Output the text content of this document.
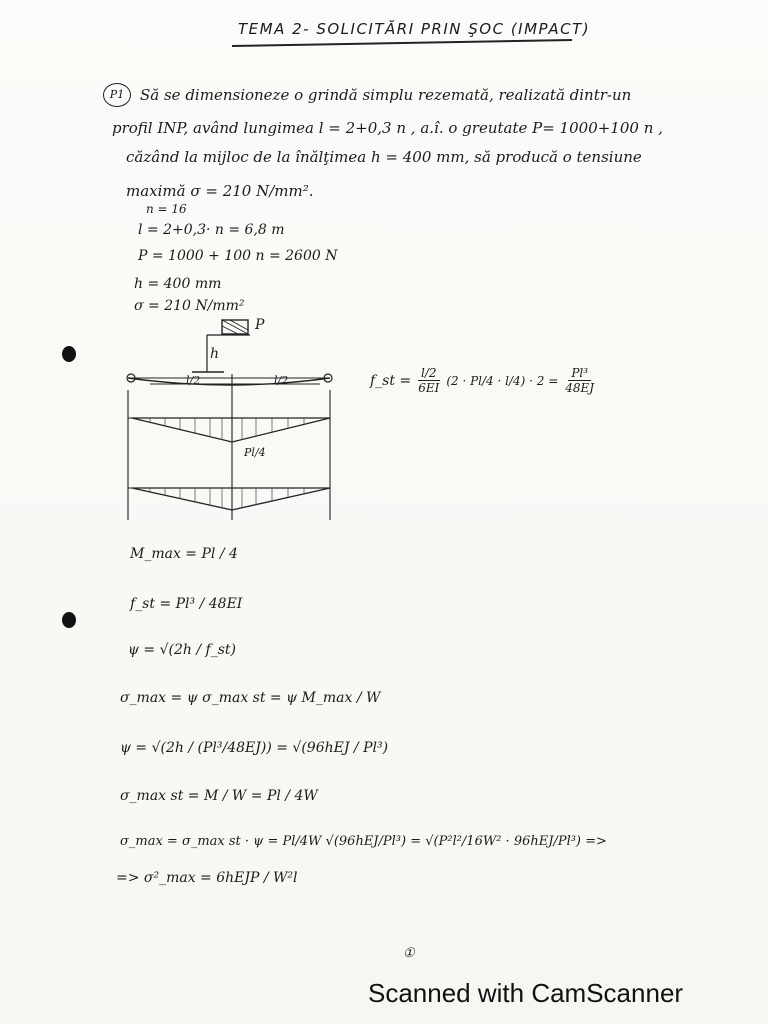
TEMA 2- SOLICITĂRI PRIN ŞOC (IMPACT)
P1	Să se dimensioneze o grindă simplu rezemată, realizată dintr-un
profil INP, având lungimea l = 2+0,3 n , a.î. o greutate P= 1000+100 n ,
căzând la mijloc de la înălţimea h = 400 mm, să producă o tensiune
maximă σ = 210 N/mm².
n = 16
l = 2+0,3· n = 6,8 m
P = 1000 + 100 n = 2600 N
h = 400 mm
σ = 210 N/mm²
P
h
l/2	l/2
Pl/4
f_st = $\frac{l/2}{6EI} (2 \cdot Pl/4 \cdot l/4) \cdot 2 = \frac{\text{Pl³}}{48EJ}$
M_max = Pl / 4
f_st = Pl³ / 48EI
ψ = √(2h / f_st)
σ_max = ψ σ_max st = ψ M_max / W
ψ = √(2h / (Pl³/48EJ)) = √(96hEJ / Pl³)
σ_max st = M / W = Pl / 4W
σ_max = σ_max st · ψ = Pl/4W √(96hEJ/Pl³) = √(P²l²/16W² · 96hEJ/Pl³) =>
=> σ²_max = 6hEJP / W²l
①
Scanned with CamScanner
